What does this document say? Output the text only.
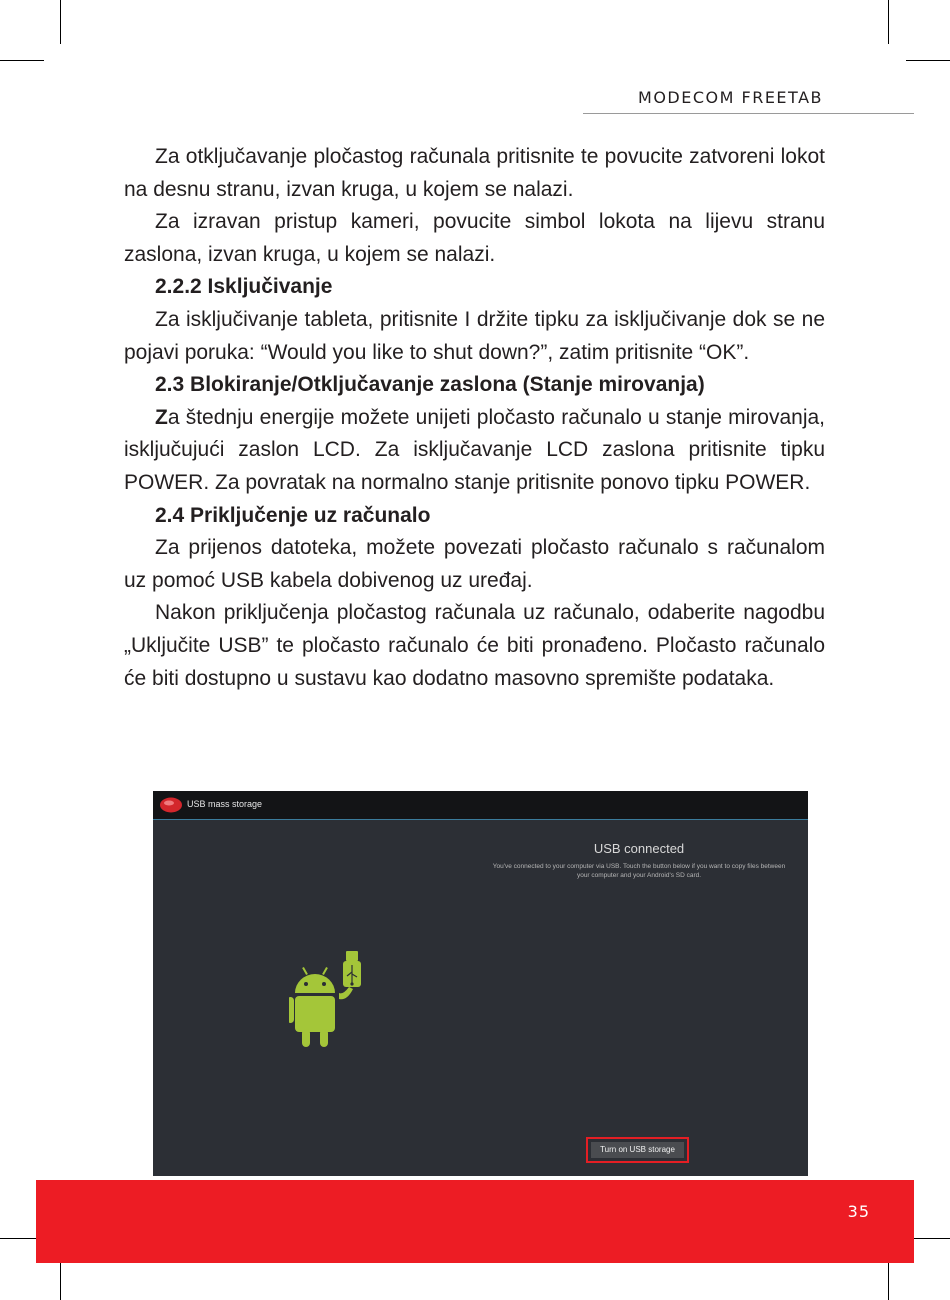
MODECOM FREETAB

Za otključavanje pločastog računala pritisnite te povucite zatvoreni lokot na desnu stranu, izvan kruga, u kojem se nalazi.

Za izravan pristup kameri, povucite simbol lokota na lijevu stranu zaslona, izvan kruga, u kojem se nalazi.

2.2.2 Isključivanje

Za isključivanje tableta, pritisnite I držite tipku za isključivanje dok se ne pojavi poruka: “Would you like to shut down?”, zatim pritisnite “OK”.

2.3 Blokiranje/Otključavanje zaslona (Stanje mirovanja)

Za štednju energije možete unijeti pločasto računalo u stanje mirovanja, isključujući zaslon LCD. Za isključavanje LCD zaslona pritisnite tipku POWER. Za povratak na normalno stanje pritisnite ponovo tipku POWER.

2.4 Priključenje uz računalo

Za prijenos datoteka, možete povezati pločasto računalo s računalom uz pomoć USB kabela dobivenog uz uređaj.

Nakon priključenja pločastog računala uz računalo, odaberite nagodbu „Uključite USB” te pločasto računalo će biti pronađeno. Pločasto računalo će biti dostupno u sustavu kao dodatno masovno spremište podataka.

USB mass storage
USB connected
You've connected to your computer via USB. Touch the button below if you want to copy files between your computer and your Android's SD card.
Turn on USB storage
35
